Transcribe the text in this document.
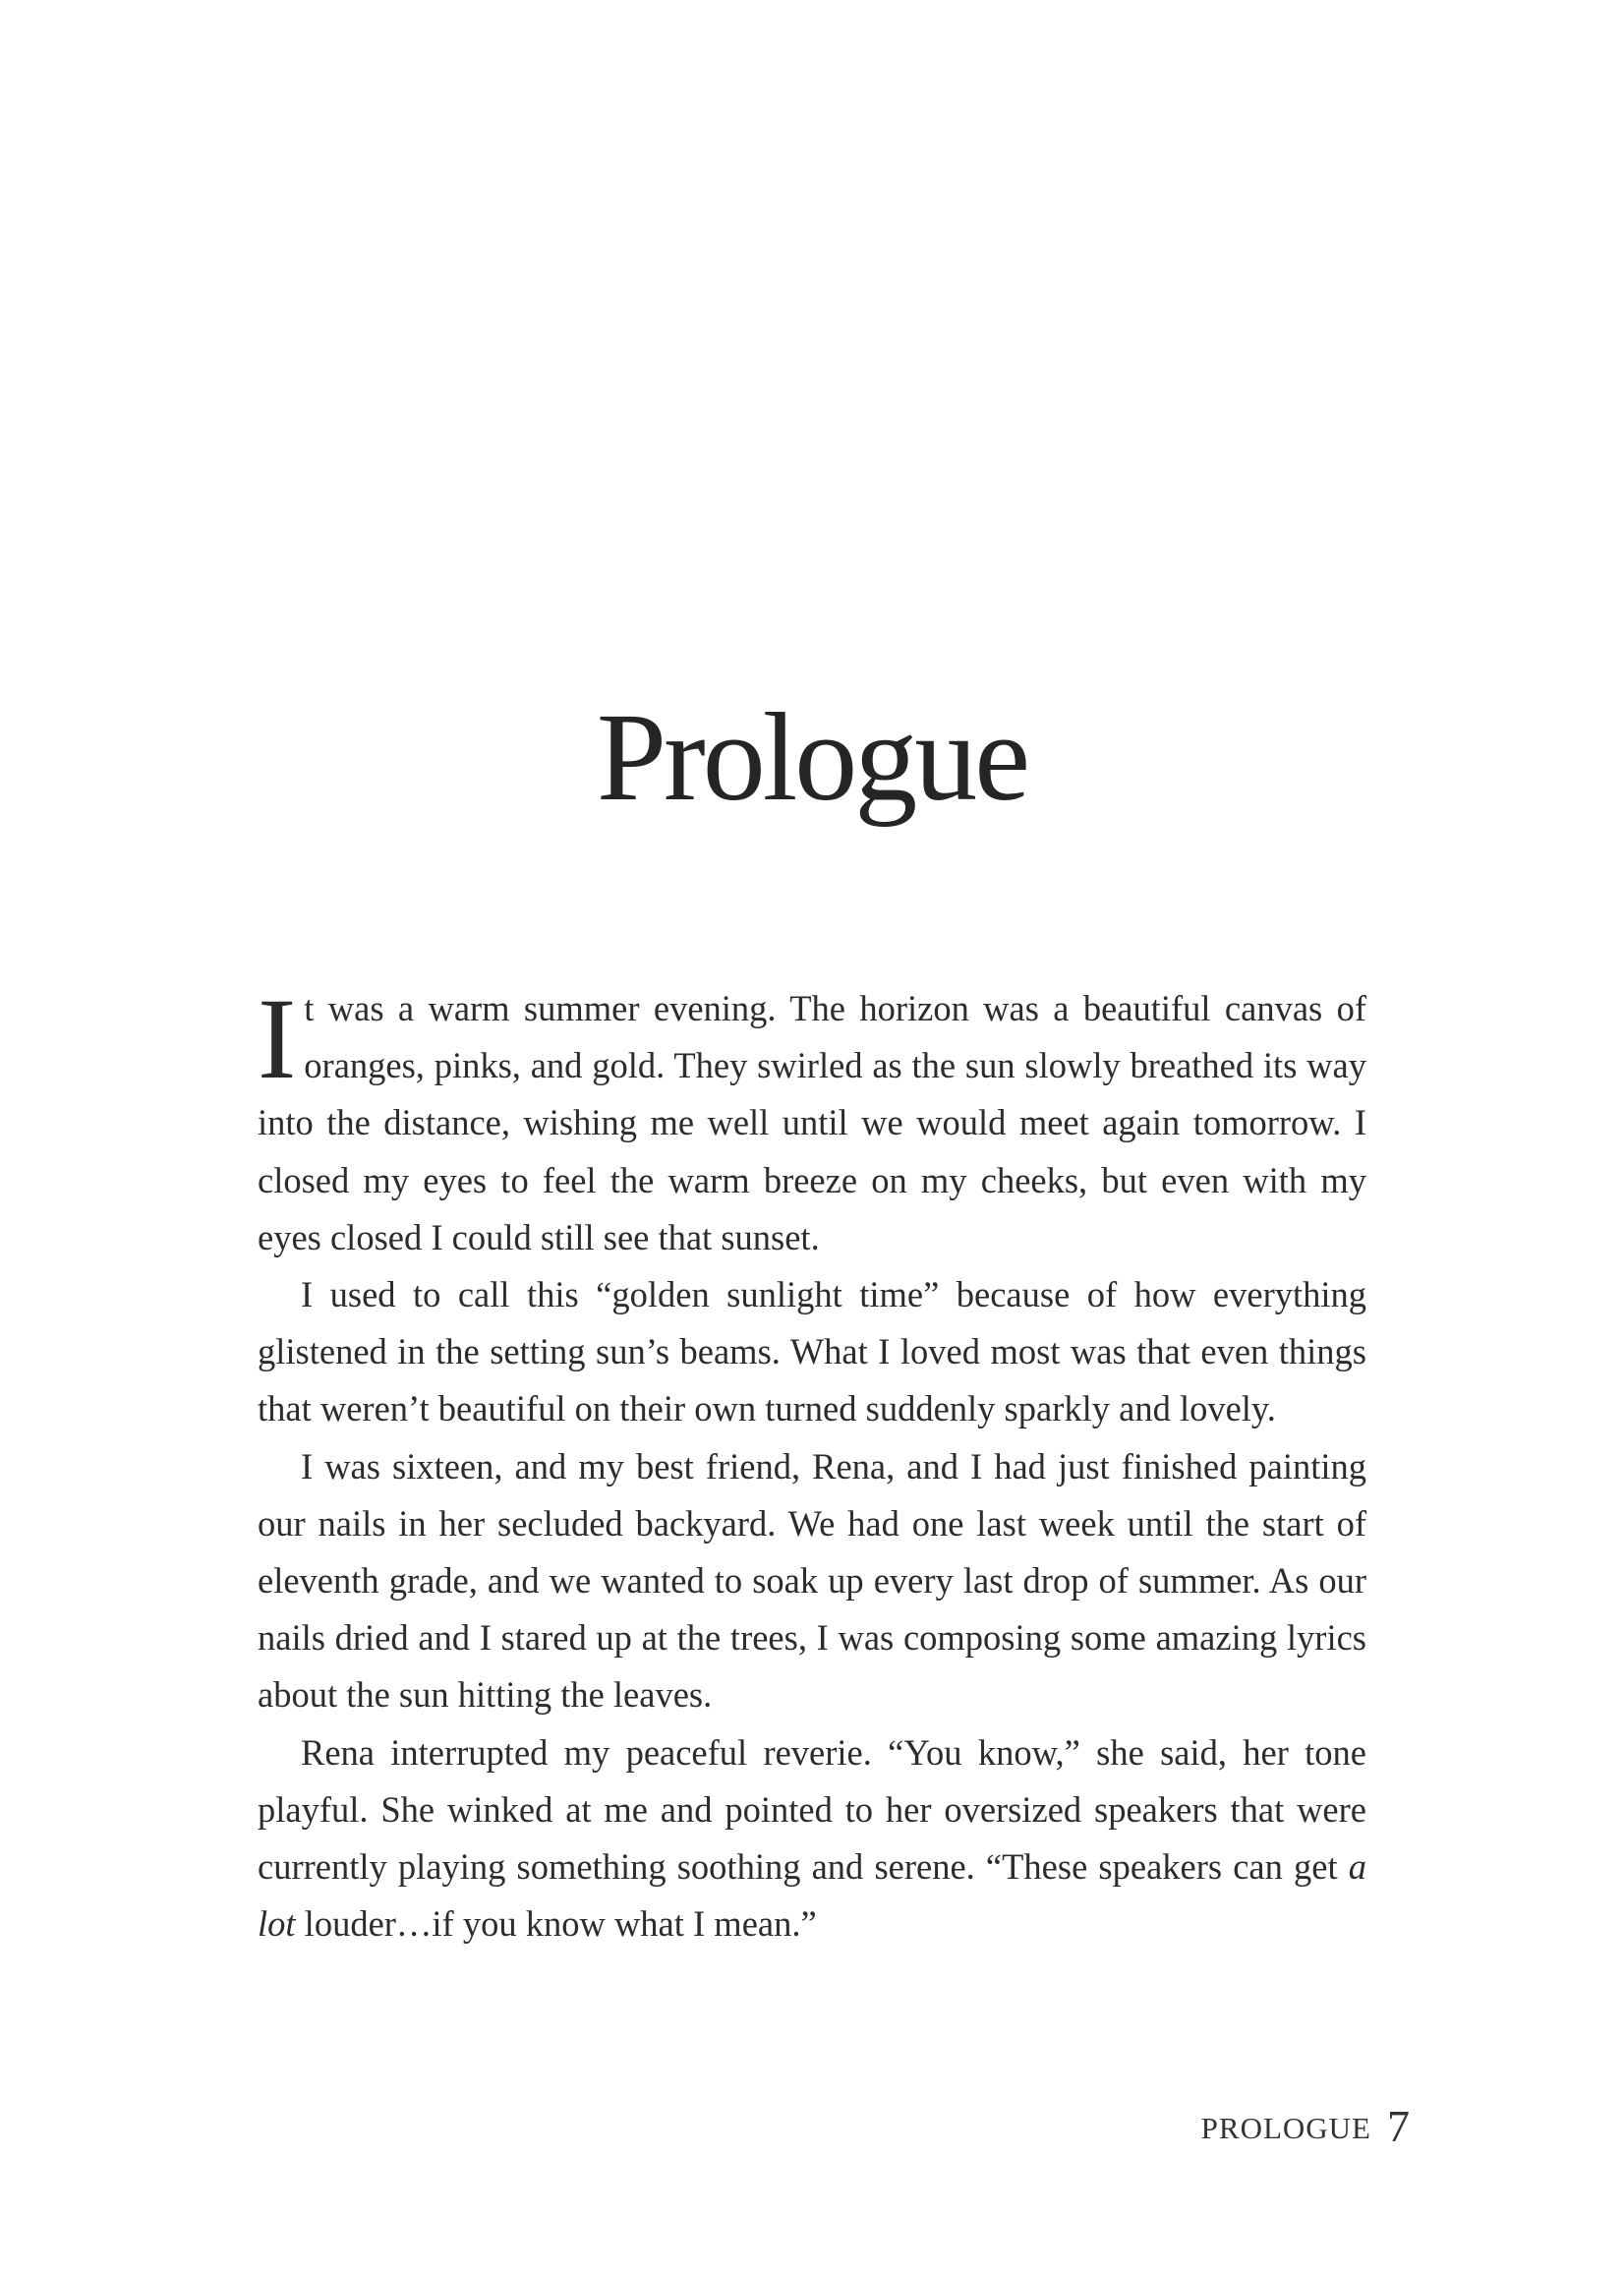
Prologue

It was a warm summer evening. The horizon was a beautiful canvas of oranges, pinks, and gold. They swirled as the sun slowly breathed its way into the distance, wishing me well until we would meet again tomorrow. I closed my eyes to feel the warm breeze on my cheeks, but even with my eyes closed I could still see that sunset.

I used to call this “golden sunlight time” because of how everything glistened in the setting sun’s beams. What I loved most was that even things that weren’t beautiful on their own turned suddenly sparkly and lovely.

I was sixteen, and my best friend, Rena, and I had just finished painting our nails in her secluded backyard. We had one last week until the start of eleventh grade, and we wanted to soak up every last drop of summer. As our nails dried and I stared up at the trees, I was composing some amazing lyrics about the sun hitting the leaves.

Rena interrupted my peaceful reverie. “You know,” she said, her tone playful. She winked at me and pointed to her oversized speakers that were currently playing something soothing and serene. “These speakers can get a lot louder…if you know what I mean.”

PROLOGUE 7
